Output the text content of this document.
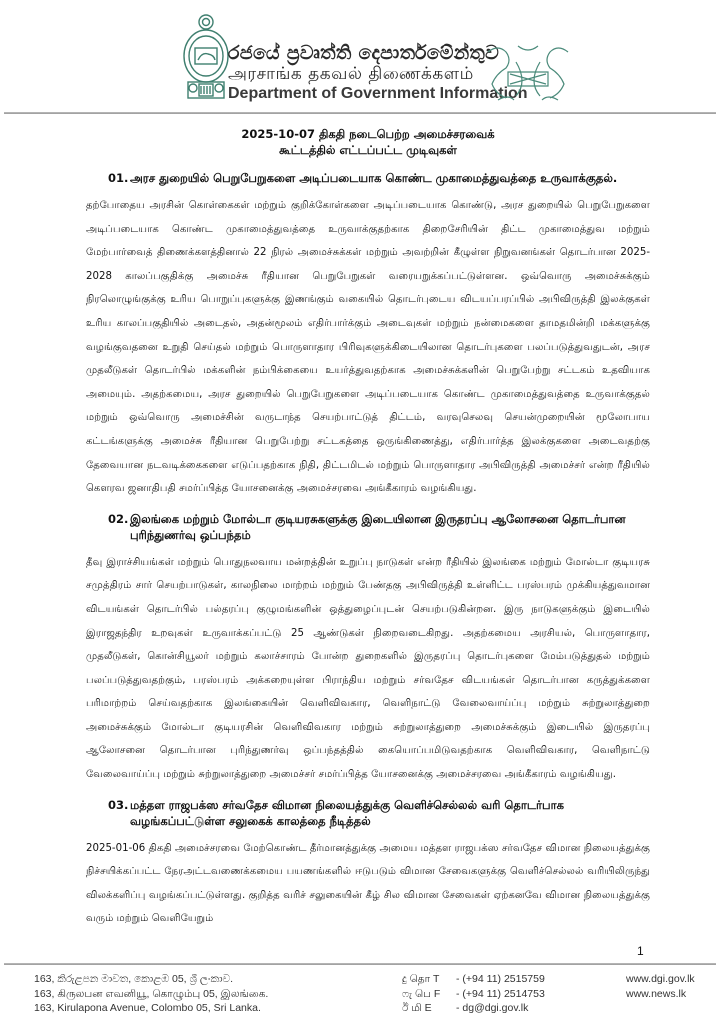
රජයේ ප්‍රවෘත්ති දෙපාර්තමේන්තුව
அரசாங்க தகவல் திணைக்களம்
Department of Government Information
2025-10-07 திகதி நடைபெற்ற அமைச்சரவைக்
கூட்டத்தில் எட்டப்பட்ட முடிவுகள்
01. அரச துறையில் பெறுபேறுகளை அடிப்படையாக கொண்ட முகாமைத்துவத்தை உருவாக்குதல்.

தற்போதைய அரசின் கொள்கைகள் மற்றும் குறிக்கோள்களை அடிப்படையாக கொண்டு, அரச துறையில் பெறுபேறுகளை அடிப்படையாக கொண்ட முகாமைத்துவத்தை உருவாக்குதற்காக திறைசேரியின் திட்ட முகாமைத்துவ மற்றும் மேற்பார்வைத் திணைக்களத்தினால் 22 நிரல் அமைச்சுக்கள் மற்றும் அவற்றின் கீழுள்ள நிறுவனங்கள் தொடர்பான 2025-2028 காலப்பகுதிக்கு அமைச்சு ரீதியான பெறுபேறுகள் வரையறுக்கப்பட்டுள்ளன. ஒவ்வொரு அமைச்சுக்கும் நிரலொழுங்குக்கு உரிய பொறுப்புகளுக்கு இணங்கும் வகையில் தொடர்புடைய விடயப்பரப்பில் அபிவிருத்தி இலக்குகள் உரிய காலப்பகுதியில் அடைதல், அதன்மூலம் எதிர்பார்க்கும் அடைவுகள் மற்றும் நன்மைகளை தாமதமின்றி மக்களுக்கு வழங்குவதனை உறுதி செய்தல் மற்றும் பொருளாதார பிரிவுகளுக்கிடையிலான தொடர்புகளை பலப்படுத்துவதுடன், அரச முதலீடுகள் தொடர்பில் மக்களின் நம்பிக்கையை உயர்த்துவதற்காக அமைச்சுக்களின் பெறுபேற்று சட்டகம் உதவியாக அமையும். அதற்கமைய, அரச துறையில் பெறுபேறுகளை அடிப்படையாக கொண்ட முகாமைத்துவத்தை உருவாக்குதல் மற்றும் ஒவ்வொரு அமைச்சின் வருடாந்த செயற்பாட்டுத் திட்டம், வரவுசெலவு செயன்முறையின் மூலோபாய கட்டங்களுக்கு அமைச்சு ரீதியான பெறுபேற்று சட்டகத்தை ஒருங்கிணைத்து, எதிர்பார்த்த இலக்குகளை அடைவதற்கு தேவையான நடவடிக்கைகளை எடுப்பதற்காக நிதி, திட்டமிடல் மற்றும் பொருளாதார அபிவிருத்தி அமைச்சர் என்ற ரீதியில் கௌரவ ஜனாதிபதி சமர்ப்பித்த யோசனைக்கு அமைச்சரவை அங்கீகாரம் வழங்கியது.

02. இலங்கை மற்றும் மோல்டா குடியரசுகளுக்கு இடையிலான இருதரப்பு ஆலோசனை தொடர்பான புரிந்துணர்வு ஒப்பந்தம்

தீவு இராச்சியங்கள் மற்றும் பொதுநலவாய மன்றத்தின் உறுப்பு நாடுகள் என்ற ரீதியில் இலங்கை மற்றும் மோல்டா குடியரசு சமுத்திரம் சார் செயற்பாடுகள், காலநிலை மாற்றம் மற்றும் பேண்தகு அபிவிருத்தி உள்ளிட்ட பரஸ்பரம் முக்கியத்துவமான விடயங்கள் தொடர்பில் பல்தரப்பு குழுமங்களின் ஒத்துழைப்புடன் செயற்படுகின்றன. இரு நாடுகளுக்கும் இடையில் இராஜதந்திர உறவுகள் உருவாக்கப்பட்டு 25 ஆண்டுகள் நிறைவடைகிறது. அதற்கமைய அரசியல், பொருளாதார, முதலீடுகள், கொன்சியூலர் மற்றும் கலாச்சாரம் போன்ற துறைகளில் இருதரப்பு தொடர்புகளை மேம்படுத்துதல் மற்றும் பலப்படுத்துவதற்கும், பரஸ்பரம் அக்கறையுள்ள பிராந்திய மற்றும் சர்வதேச விடயங்கள் தொடர்பான கருத்துக்களை பரிமாற்றம் செய்வதற்காக இலங்கையின் வெளிவிவகார, வெளிநாட்டு வேலைவாய்ப்பு மற்றும் சுற்றுலாத்துறை அமைச்சுக்கும் மோல்டா குடியரசின் வெளிவிவகார மற்றும் சுற்றுலாத்துறை அமைச்சுக்கும் இடையில் இருதரப்பு ஆலோசனை தொடர்பான புரிந்துணர்வு ஒப்பந்தத்தில் கையொப்பமிடுவதற்காக வெளிவிவகார, வெளிநாட்டு வேலைவாய்ப்பு மற்றும் சுற்றுலாத்துறை அமைச்சர் சமர்ப்பித்த யோசனைக்கு அமைச்சரவை அங்கீகாரம் வழங்கியது.

03. மத்தள ராஜபக்ஸ சர்வதேச விமான நிலையத்துக்கு வெளிச்செல்லல் வரி தொடர்பாக வழங்கப்பட்டுள்ள சலுகைக் காலத்தை நீடித்தல்

2025-01-06 திகதி அமைச்சரவை மேற்கொண்ட தீர்மானத்துக்கு அமைய மத்தள ராஜபக்ஸ சர்வதேச விமான நிலையத்துக்கு நிச்சயிக்கப்பட்ட நேரஅட்டவணைக்கமைய பயணங்களில் ஈடுபடும் விமான சேவைகளுக்கு வெளிச்செல்லல் வரியிலிருந்து விலக்களிப்பு வழங்கப்பட்டுள்ளது. குறித்த வரிச் சலுகையின் கீழ் சில விமான சேவைகள் ஏற்கனவே விமான நிலையத்துக்கு வரும் மற்றும் வெளியேறும்

1
163, කිරුළපන මාවත, කොළඹ 05, ශ්‍රී ලංකාව.
163, கிருலபன எவனியூ, கொழும்பு 05, இலங்கை.
163, Kirulapona Avenue, Colombo 05, Sri Lanka.
දු தொ T - (+94 11) 2515759
ෆැ பெ F - (+94 11) 2514753
ඊ மி E - dg@dgi.gov.lk
www.dgi.gov.lk
www.news.lk
